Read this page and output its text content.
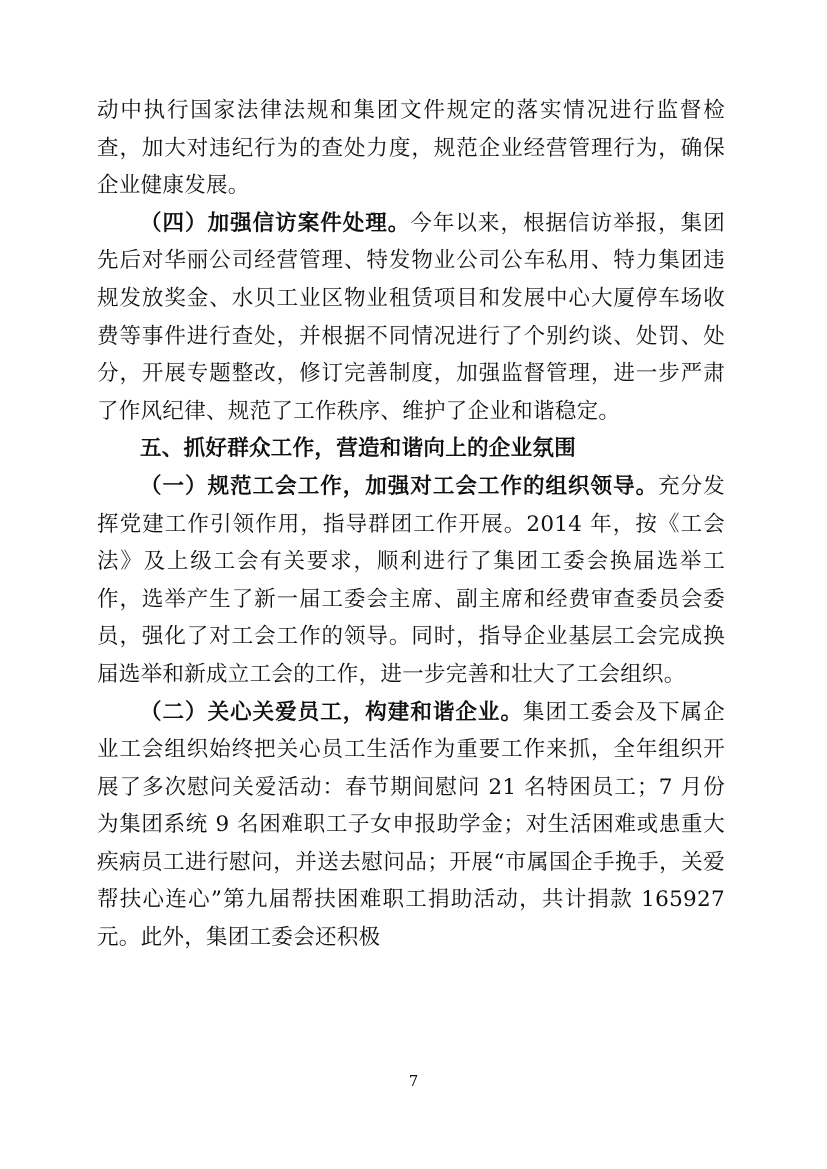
动中执行国家法律法规和集团文件规定的落实情况进行监督检查，加大对违纪行为的查处力度，规范企业经营管理行为，确保企业健康发展。

（四）加强信访案件处理。今年以来，根据信访举报，集团先后对华丽公司经营管理、特发物业公司公车私用、特力集团违规发放奖金、水贝工业区物业租赁项目和发展中心大厦停车场收费等事件进行查处，并根据不同情况进行了个别约谈、处罚、处分，开展专题整改，修订完善制度，加强监督管理，进一步严肃了作风纪律、规范了工作秩序、维护了企业和谐稳定。

五、抓好群众工作，营造和谐向上的企业氛围

（一）规范工会工作，加强对工会工作的组织领导。充分发挥党建工作引领作用，指导群团工作开展。2014 年，按《工会法》及上级工会有关要求，顺利进行了集团工委会换届选举工作，选举产生了新一届工委会主席、副主席和经费审查委员会委员，强化了对工会工作的领导。同时，指导企业基层工会完成换届选举和新成立工会的工作，进一步完善和壮大了工会组织。

（二）关心关爱员工，构建和谐企业。集团工委会及下属企业工会组织始终把关心员工生活作为重要工作来抓，全年组织开展了多次慰问关爱活动：春节期间慰问 21 名特困员工；7 月份为集团系统 9 名困难职工子女申报助学金；对生活困难或患重大疾病员工进行慰问，并送去慰问品；开展“市属国企手挽手，关爱帮扶心连心”第九届帮扶困难职工捐助活动，共计捐款 165927 元。此外，集团工委会还积极

7
